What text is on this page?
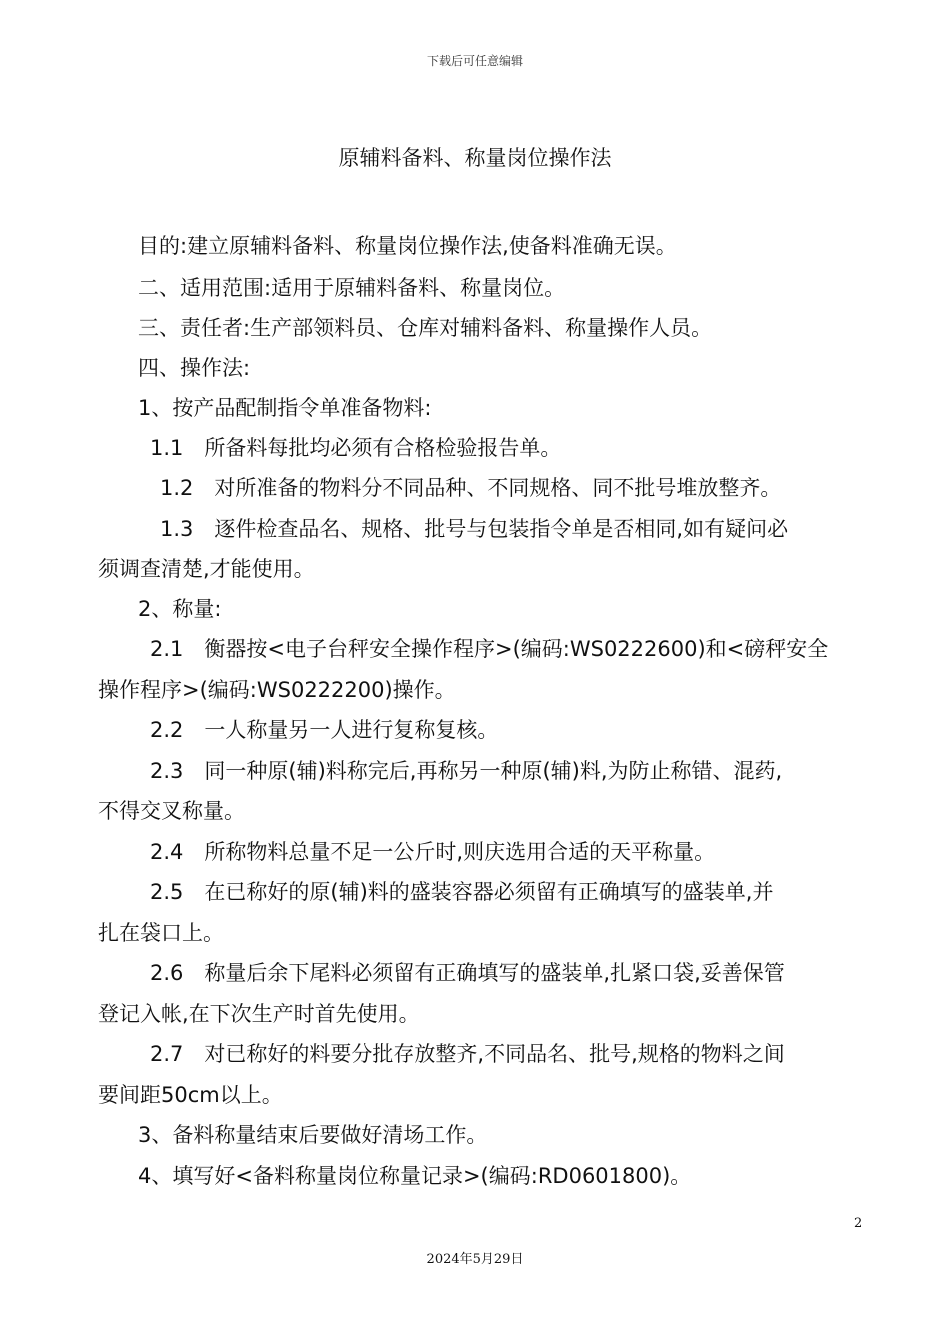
下载后可任意编辑
原辅料备料、称量岗位操作法
目的:建立原辅料备料、称量岗位操作法,使备料准确无误。
二、适用范围:适用于原辅料备料、称量岗位。
三、责任者:生产部领料员、仓库对辅料备料、称量操作人员。
四、操作法:
1、按产品配制指令单准备物料:
1.1　所备料每批均必须有合格检验报告单。
1.2　对所准备的物料分不同品种、不同规格、同不批号堆放整齐。
1.3　逐件检查品名、规格、批号与包装指令单是否相同,如有疑问必
须调查清楚,才能使用。
2、称量:
2.1　衡器按<电子台秤安全操作程序>(编码:WS0222600)和<磅秤安全
操作程序>(编码:WS0222200)操作。
2.2　一人称量另一人进行复称复核。
2.3　同一种原(辅)料称完后,再称另一种原(辅)料,为防止称错、混药,
不得交叉称量。
2.4　所称物料总量不足一公斤时,则庆选用合适的天平称量。
2.5　在已称好的原(辅)料的盛装容器必须留有正确填写的盛装单,并
扎在袋口上。
2.6　称量后余下尾料必须留有正确填写的盛装单,扎紧口袋,妥善保管
登记入帐,在下次生产时首先使用。
2.7　对已称好的料要分批存放整齐,不同品名、批号,规格的物料之间
要间距50cm以上。
3、备料称量结束后要做好清场工作。
4、填写好<备料称量岗位称量记录>(编码:RD0601800)。
2
2024年5月29日
